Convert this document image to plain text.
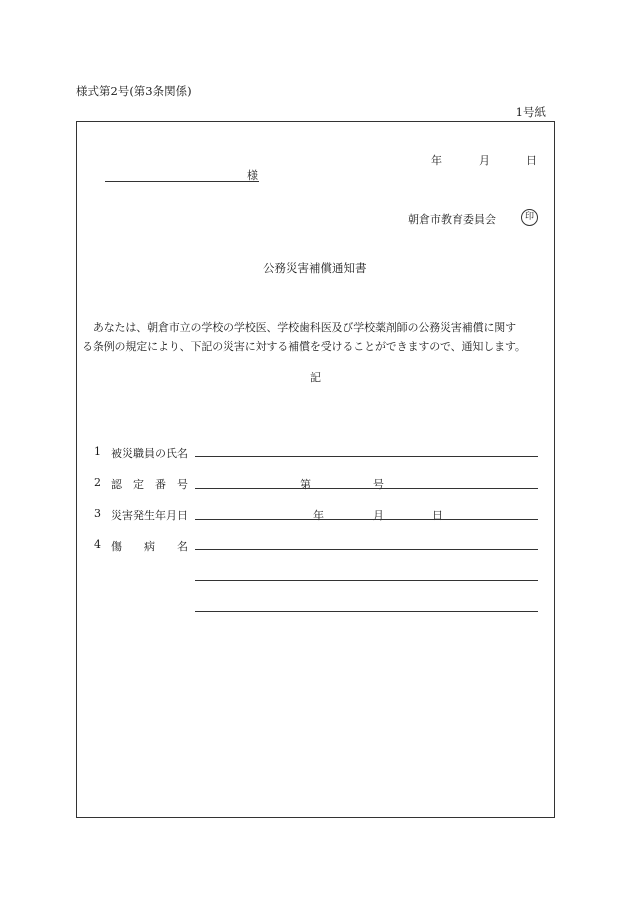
様式第2号(第3条関係)
1号紙
年	月	日
様
朝倉市教育委員会	印
公務災害補償通知書
　あなたは、朝倉市立の学校の学校医、学校歯科医及び学校薬剤師の公務災害補償に関す
る条例の規定により、下記の災害に対する補償を受けることができますので、通知します。
記
1 被災職員の氏名
2 認　定　番　号	第	号
3 災害発生年月日	年	月	日
4 傷　　病　　名
